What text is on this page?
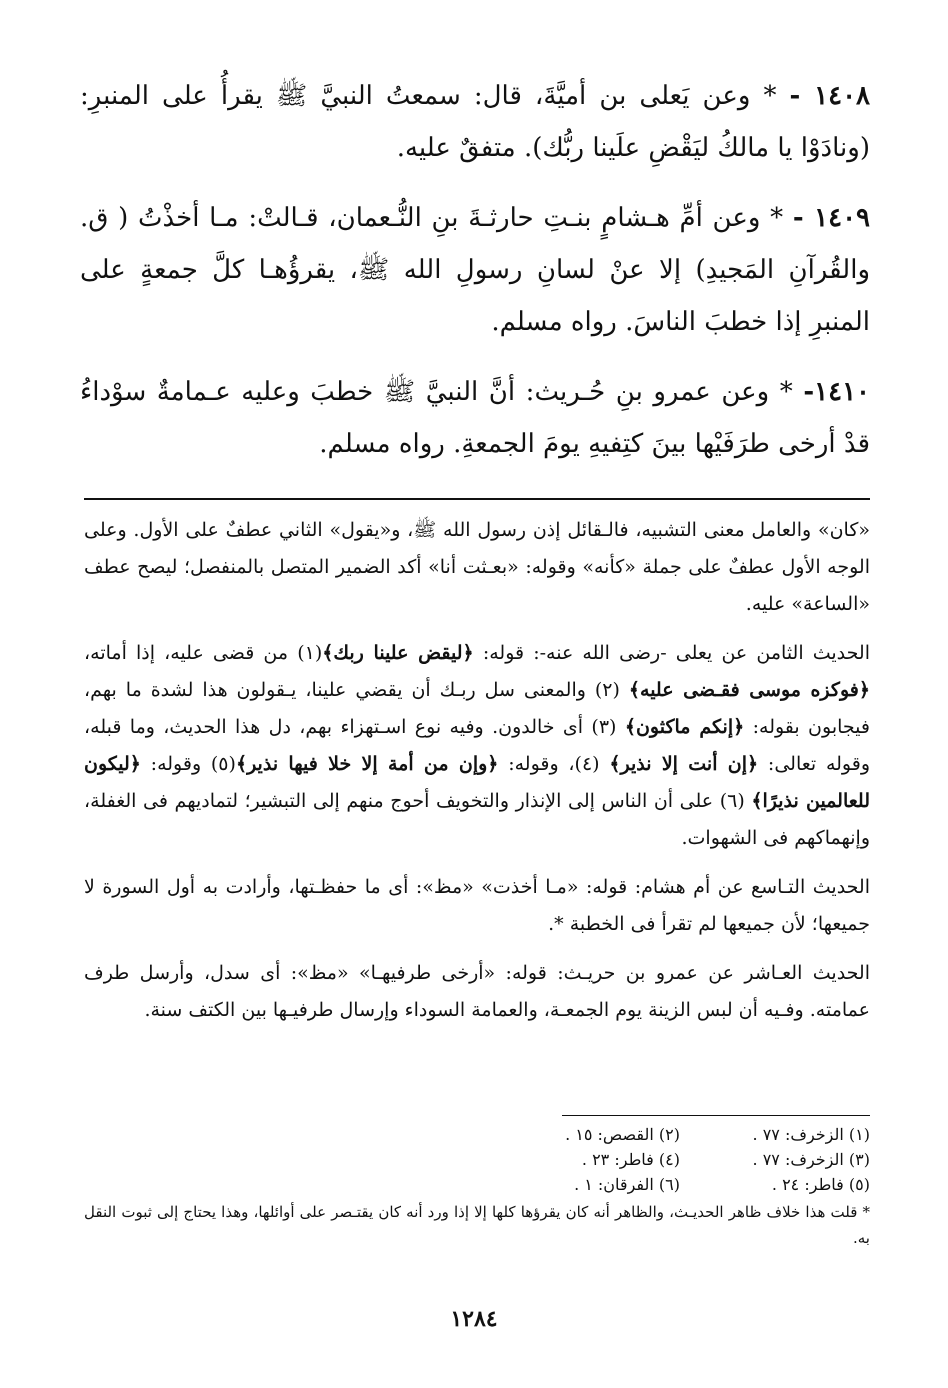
١٤٠٨ - * وعن يَعلى بن أميَّةَ، قال: سمعتُ النبيَّ ﷺ يقرأُ على المنبرِ: (ونادَوْا يا مالكُ ليَقْضِ علَينا ربُّك). متفقٌ عليه.

١٤٠٩ - * وعن أمِّ هـشامٍ بنـتِ حارثـةَ بنِ النُّـعمان، قـالتْ: مـا أخذْتُ ( ق. والقُرآنِ المَجيدِ) إلا عنْ لسانِ رسولِ الله ﷺ، يقرؤُهـا كلَّ جمعةٍ على المنبرِ إذا خطبَ الناسَ. رواه مسلم.

١٤١٠- * وعن عمرو بنِ حُـريث: أنَّ النبيَّ ﷺ خطبَ وعليه عـمامةٌ سوْداءُ قدْ أرخى طرَفَيْها بينَ كتِفيهِ يومَ الجمعةِ. رواه مسلم.

«كان» والعامل معنى التشبيه، فالـقائل إذن رسول الله ﷺ، و«يقول» الثاني عطفٌ على الأول. وعلى الوجه الأول عطفٌ على جملة «كأنه» وقوله: «بعـثت أنا» أكد الضمير المتصل بالمنفصل؛ ليصح عطف «الساعة» عليه.

الحديث الثامن عن يعلى -رضى الله عنه-: قوله: ﴿ليقض علينا ربك﴾(١) من قضى عليه، إذا أماته، ﴿فوكزه موسى فقـضى عليه﴾ (٢) والمعنى سل ربـك أن يقضي علينا، يـقولون هذا لشدة ما بهم، فيجابون بقوله: ﴿إنكم ماكثون﴾ (٣) أى خالدون. وفيه نوع اسـتهزاء بهم، دل هذا الحديث، وما قبله، وقوله تعالى: ﴿إن أنت إلا نذير﴾ (٤)، وقوله: ﴿وإن من أمة إلا خلا فيها نذير﴾(٥) وقوله: ﴿ليكون للعالمين نذيرًا﴾ (٦) على أن الناس إلى الإنذار والتخويف أحوج منهم إلى التبشير؛ لتماديهم فى الغفلة، وإنهماكهم فى الشهوات.

الحديث التـاسع عن أم هشام: قوله: «مـا أخذت» «مظ»: أى ما حفظـتها، وأرادت به أول السورة لا جميعها؛ لأن جميعها لم تقرأ فى الخطبة *.

الحديث العـاشر عن عمرو بن حريـث: قوله: «أرخى طرفيهـا» «مظ»: أى سدل، وأرسل طرف عمامته. وفـيه أن لبس الزينة يوم الجمعـة، والعمامة السوداء وإرسال طرفيـها بين الكتف سنة.

(١) الزخرف: ٧٧ .
(٢) القصص: ١٥ .
(٣) الزخرف: ٧٧ .
(٤) فاطر: ٢٣ .
(٥) فاطر: ٢٤ .
(٦) الفرقان: ١ .
* قلت هذا خلاف ظاهر الحديـث، والظاهر أنه كان يقرؤها كلها إلا إذا ورد أنه كان يقتـصر على أوائلها، وهذا يحتاج إلى ثبوت النقل به.
١٢٨٤
